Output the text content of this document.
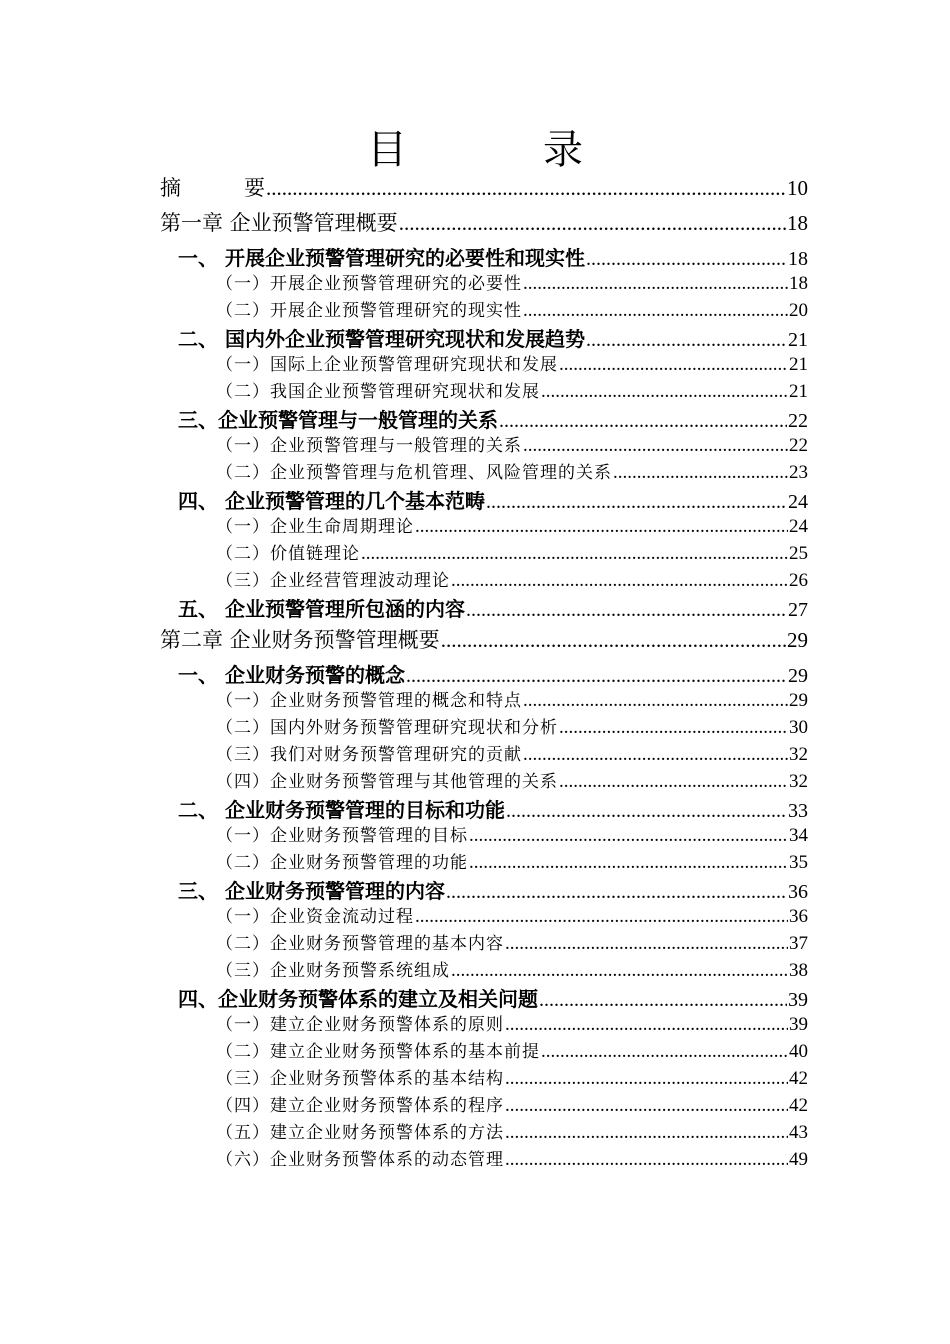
目　录
摘　　　要 .....	10
第一章 企业预警管理概要 .....	18
一、 开展企业预警管理研究的必要性和现实性 .....	18
（一）开展企业预警管理研究的必要性 .....	18
（二）开展企业预警管理研究的现实性 .....	20
二、 国内外企业预警管理研究现状和发展趋势 .....	21
（一）国际上企业预警管理研究现状和发展 .....	21
（二）我国企业预警管理研究现状和发展 .....	21
三、企业预警管理与一般管理的关系 .....	22
（一）企业预警管理与一般管理的关系 .....	22
（二）企业预警管理与危机管理、风险管理的关系 .....	23
四、 企业预警管理的几个基本范畴 .....	24
（一）企业生命周期理论 .....	24
（二）价值链理论 .....	25
（三）企业经营管理波动理论 .....	26
五、 企业预警管理所包涵的内容 .....	27
第二章 企业财务预警管理概要 .....	29
一、 企业财务预警的概念 .....	29
（一）企业财务预警管理的概念和特点 .....	29
（二）国内外财务预警管理研究现状和分析 .....	30
（三）我们对财务预警管理研究的贡献 .....	32
（四）企业财务预警管理与其他管理的关系 .....	32
二、 企业财务预警管理的目标和功能 .....	33
（一）企业财务预警管理的目标 .....	34
（二）企业财务预警管理的功能 .....	35
三、 企业财务预警管理的内容 .....	36
（一）企业资金流动过程 .....	36
（二）企业财务预警管理的基本内容 .....	37
（三）企业财务预警系统组成 .....	38
四、企业财务预警体系的建立及相关问题 .....	39
（一）建立企业财务预警体系的原则 .....	39
（二）建立企业财务预警体系的基本前提 .....	40
（三）企业财务预警体系的基本结构 .....	42
（四）建立企业财务预警体系的程序 .....	42
（五）建立企业财务预警体系的方法 .....	43
（六）企业财务预警体系的动态管理 .....	49
